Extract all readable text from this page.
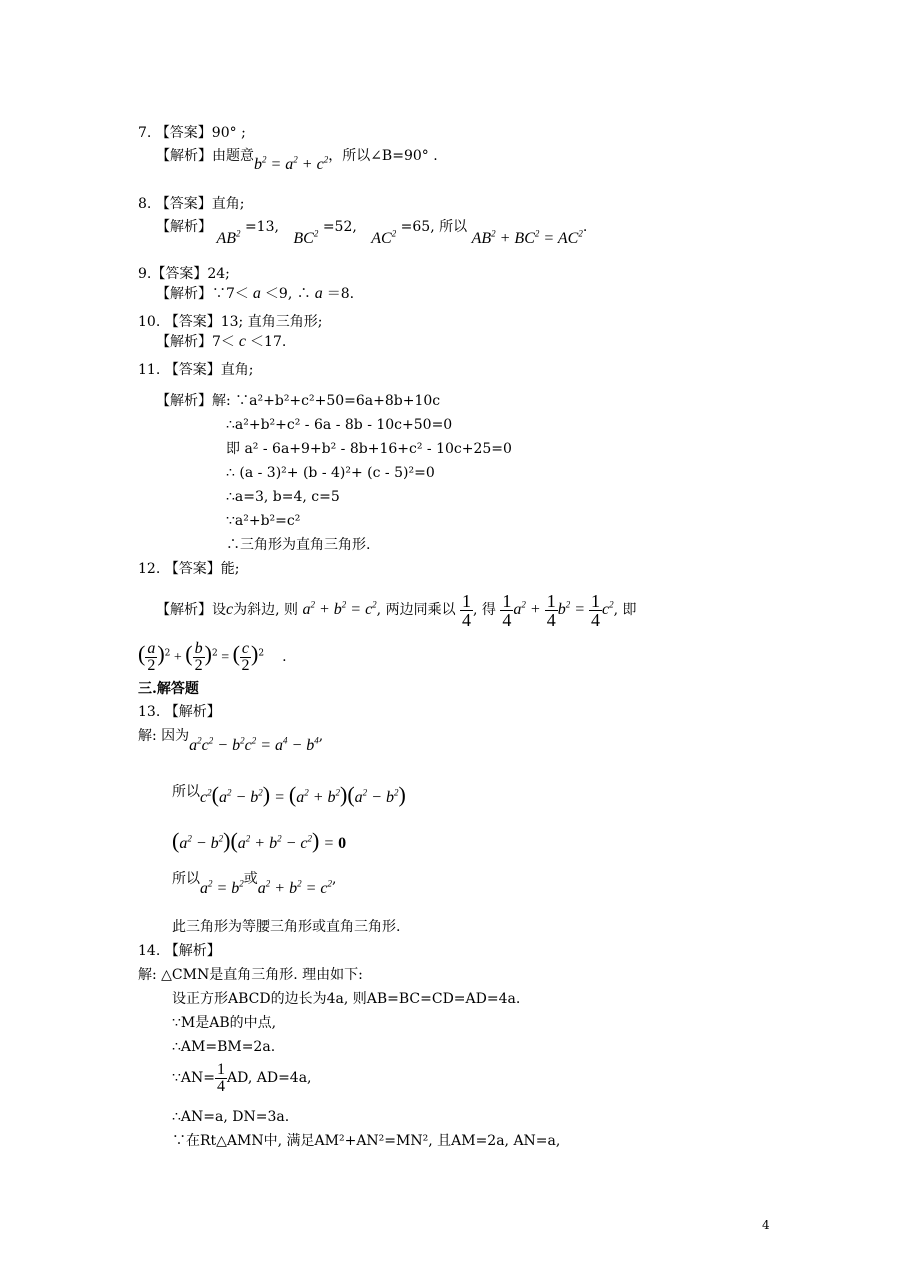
7. 【答案】90° ;
【解析】由题意$b^2 = a^2 + c^2$，所以∠B=90° .
8. 【答案】直角;
【解析】 $AB^2 =13$, $BC^2 =52$, $AC^2 =65$, 所以 $AB^2 + BC^2 = AC^2$.
9.【答案】24;
【解析】∵7＜ a ＜9, ∴ a ＝8.
10. 【答案】13; 直角三角形;
【解析】7＜ c ＜17.
11. 【答案】直角;
【解析】解: ∵a²+b²+c²+50=6a+8b+10c
∴a²+b²+c² - 6a - 8b - 10c+50=0
即 a² - 6a+9+b² - 8b+16+c² - 10c+25=0
∴ (a - 3)²+ (b - 4)²+ (c - 5)²=0
∴a=3, b=4, c=5
∵a²+b²=c²
∴三角形为直角三角形.
12. 【答案】能;
【解析】设c为斜边, 则 $a^2 + b^2 = c^2$, 两边同乘以 $\frac{1}{4}$ , 得 $\frac{1}{4} a^2 + \frac{1}{4} b^2 = \frac{1}{4} c^2$, 即
( $\frac{a}{2} )^2$ + ( $\frac{b}{2} )^2$ = ( $\frac{c}{2} )^2$ .
三.解答题
13. 【解析】
解: 因为$a^2c^2 - b^2c^2 = a^4 - b^4$,
所以$c^2(a^2 - b^2) = (a^2 + b^2)(a^2 - b^2)$
$(a^2 - b^2)(a^2 + b^2 - c^2) = 0$
所以$a^2 = b^2$或$a^2 + b^2 = c^2$,
此三角形为等腰三角形或直角三角形.
14. 【解析】
解: △CMN是直角三角形. 理由如下:
设正方形ABCD的边长为4a, 则AB=BC=CD=AD=4a.
∵M是AB的中点,
∴AM=BM=2a.
∵AN= $\frac{1}{4}$ AD, AD=4a,
∴AN=a, DN=3a.
∵在Rt△AMN中, 满足AM²+AN²=MN², 且AM=2a, AN=a,
4
